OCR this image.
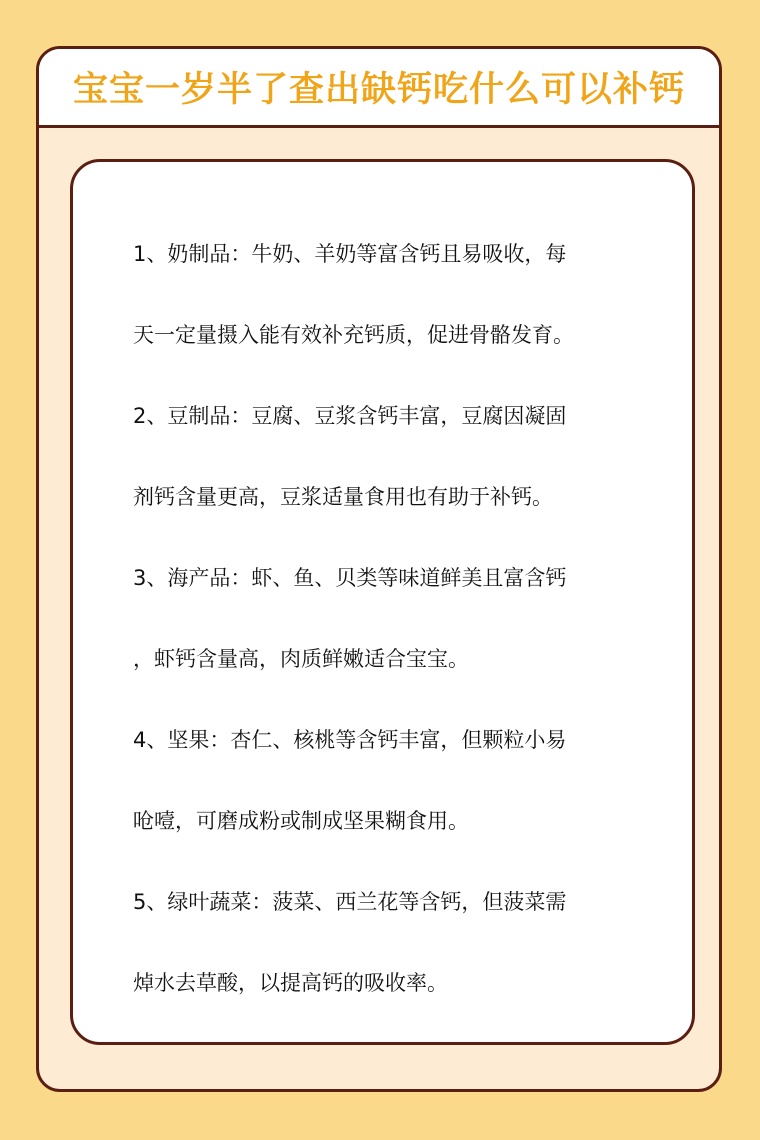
宝宝一岁半了查出缺钙吃什么可以补钙

1、奶制品：牛奶、羊奶等富含钙且易吸收，每

天一定量摄入能有效补充钙质，促进骨骼发育。

2、豆制品：豆腐、豆浆含钙丰富，豆腐因凝固

剂钙含量更高，豆浆适量食用也有助于补钙。

3、海产品：虾、鱼、贝类等味道鲜美且富含钙

，虾钙含量高，肉质鲜嫩适合宝宝。

4、坚果：杏仁、核桃等含钙丰富，但颗粒小易

呛噎，可磨成粉或制成坚果糊食用。

5、绿叶蔬菜：菠菜、西兰花等含钙，但菠菜需

焯水去草酸，以提高钙的吸收率。
